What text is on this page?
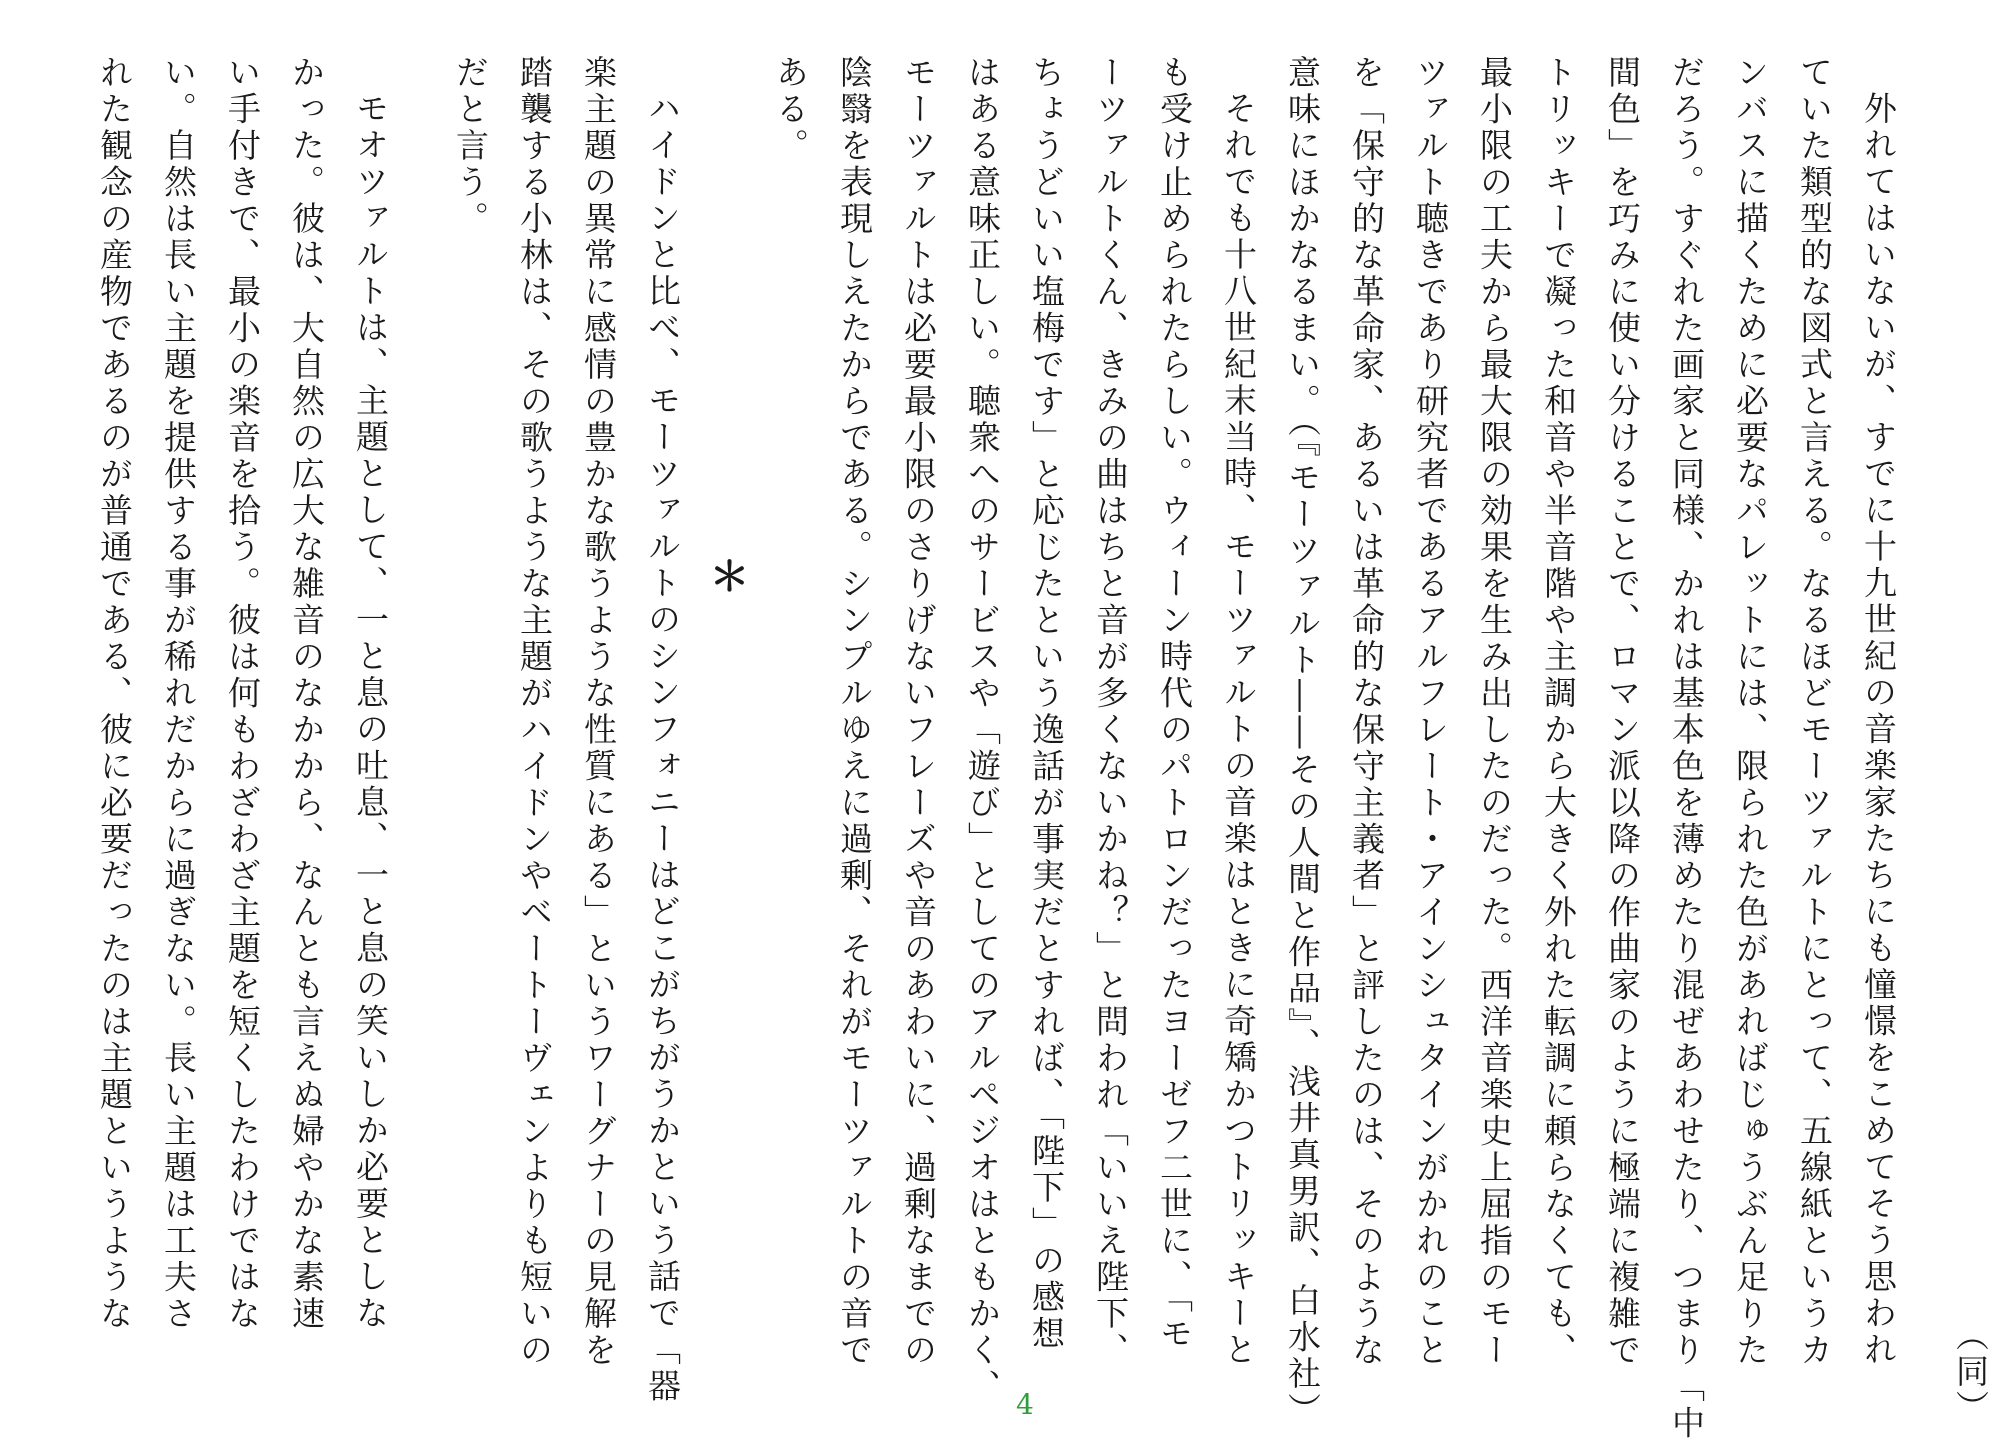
（同）
外れてはいないが、すでに十九世紀の音楽家たちにも憧憬をこめてそう思われ
ていた類型的な図式と言える。なるほどモーツァルトにとって、五線紙というカ
ンバスに描くために必要なパレットには、限られた色があればじゅうぶん足りた
だろう。すぐれた画家と同様、かれは基本色を薄めたり混ぜあわせたり、つまり「中
間色」を巧みに使い分けることで、ロマン派以降の作曲家のように極端に複雑で
トリッキーで凝った和音や半音階や主調から大きく外れた転調に頼らなくても、
最小限の工夫から最大限の効果を生み出したのだった。西洋音楽史上屈指のモー
ツァルト聴きであり研究者であるアルフレート・アインシュタインがかれのこと
を「保守的な革命家、あるいは革命的な保守主義者」と評したのは、そのような
意味にほかなるまい。（『モーツァルト――その人間と作品』、浅井真男訳、白水社）
それでも十八世紀末当時、モーツァルトの音楽はときに奇矯かつトリッキーと
も受け止められたらしい。ウィーン時代のパトロンだったヨーゼフ二世に、「モ
ーツァルトくん、きみの曲はちと音が多くないかね？」と問われ「いいえ陛下、
ちょうどいい塩梅です」と応じたという逸話が事実だとすれば、「陛下」の感想
はある意味正しい。聴衆へのサービスや「遊び」としてのアルペジオはともかく、
モーツァルトは必要最小限のさりげないフレーズや音のあわいに、過剰なまでの
陰翳を表現しえたからである。シンプルゆえに過剰、それがモーツァルトの音で
ある。
＊
ハイドンと比べ、モーツァルトのシンフォニーはどこがちがうかという話で「器
楽主題の異常に感情の豊かな歌うような性質にある」というワーグナーの見解を
踏襲する小林は、その歌うような主題がハイドンやベートーヴェンよりも短いの
だと言う。
モオツァルトは、主題として、一と息の吐息、一と息の笑いしか必要としな
かった。彼は、大自然の広大な雑音のなかから、なんとも言えぬ婦やかな素速
い手付きで、最小の楽音を拾う。彼は何もわざわざ主題を短くしたわけではな
い。自然は長い主題を提供する事が稀れだからに過ぎない。長い主題は工夫さ
れた観念の産物であるのが普通である、彼に必要だったのは主題というような
4
